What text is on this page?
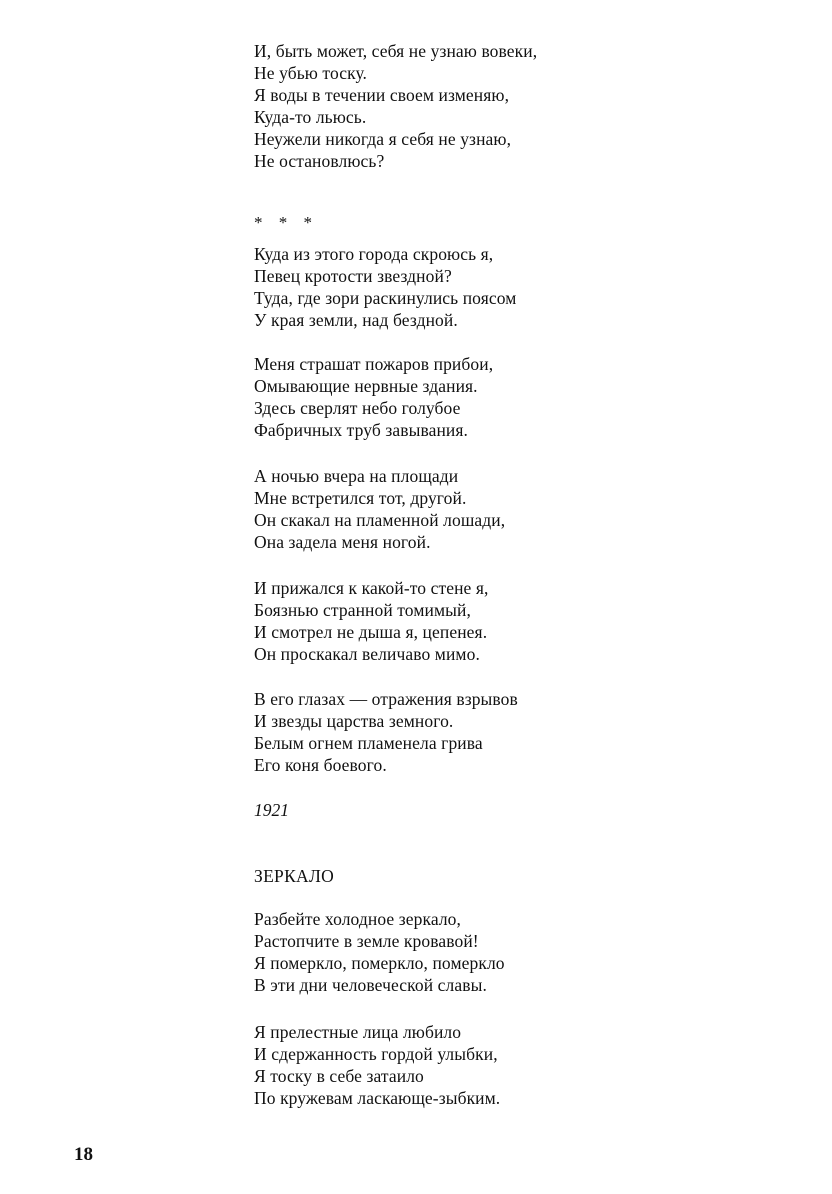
И, быть может, себя не узнаю вовеки,
Не убью тоску.
Я воды в течении своем изменяю,
Куда-то льюсь.
Неужели никогда я себя не узнаю,
Не остановлюсь?
* * *
Куда из этого города скроюсь я,
Певец кротости звездной?
Туда, где зори раскинулись поясом
У края земли, над бездной.
Меня страшат пожаров прибои,
Омывающие нервные здания.
Здесь сверлят небо голубое
Фабричных труб завывания.
А ночью вчера на площади
Мне встретился тот, другой.
Он скакал на пламенной лошади,
Она задела меня ногой.
И прижался к какой-то стене я,
Боязнью странной томимый,
И смотрел не дыша я, цепенея.
Он проскакал величаво мимо.
В его глазах — отражения взрывов
И звезды царства земного.
Белым огнем пламенела грива
Его коня боевого.
1921
ЗЕРКАЛО
Разбейте холодное зеркало,
Растопчите в земле кровавой!
Я померкло, померкло, померкло
В эти дни человеческой славы.
Я прелестные лица любило
И сдержанность гордой улыбки,
Я тоску в себе затаило
По кружевам ласкающе-зыбким.
18
